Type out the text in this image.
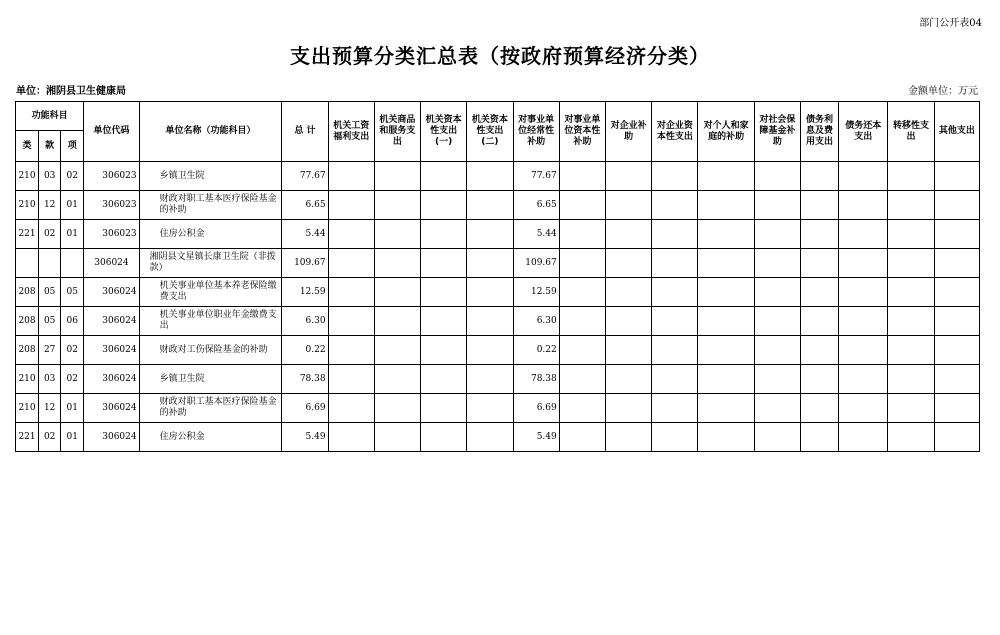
部门公开表04
支出预算分类汇总表（按政府预算经济分类）
单位：湘阴县卫生健康局	金额单位：万元
功能科目			单位代码	单位名称（功能科目）	总 计	机关工资福利支出	机关商品和服务支出	机关资本性支出(一)	机关资本性支出(二)	对事业单位经常性补助	对事业单位资本性补助	对企业补助	对企业资本性支出	对个人和家庭的补助	对社会保障基金补助	债务利息及费用支出	债务还本支出	转移性支出	其他支出
类	款	项																	
210	03	02	306023	乡镇卫生院	77.67					77.67									
210	12	01	306023	财政对职工基本医疗保险基金的补助	6.65					6.65									
221	02	01	306023	住房公积金	5.44					5.44									
			306024	湘阴县文星镇长康卫生院（非拨款）	109.67					109.67									
208	05	05	306024	机关事业单位基本养老保险缴费支出	12.59					12.59									
208	05	06	306024	机关事业单位职业年金缴费支出	6.30					6.30									
208	27	02	306024	财政对工伤保险基金的补助	0.22					0.22									
210	03	02	306024	乡镇卫生院	78.38					78.38									
210	12	01	306024	财政对职工基本医疗保险基金的补助	6.69					6.69									
221	02	01	306024	住房公积金	5.49					5.49									
